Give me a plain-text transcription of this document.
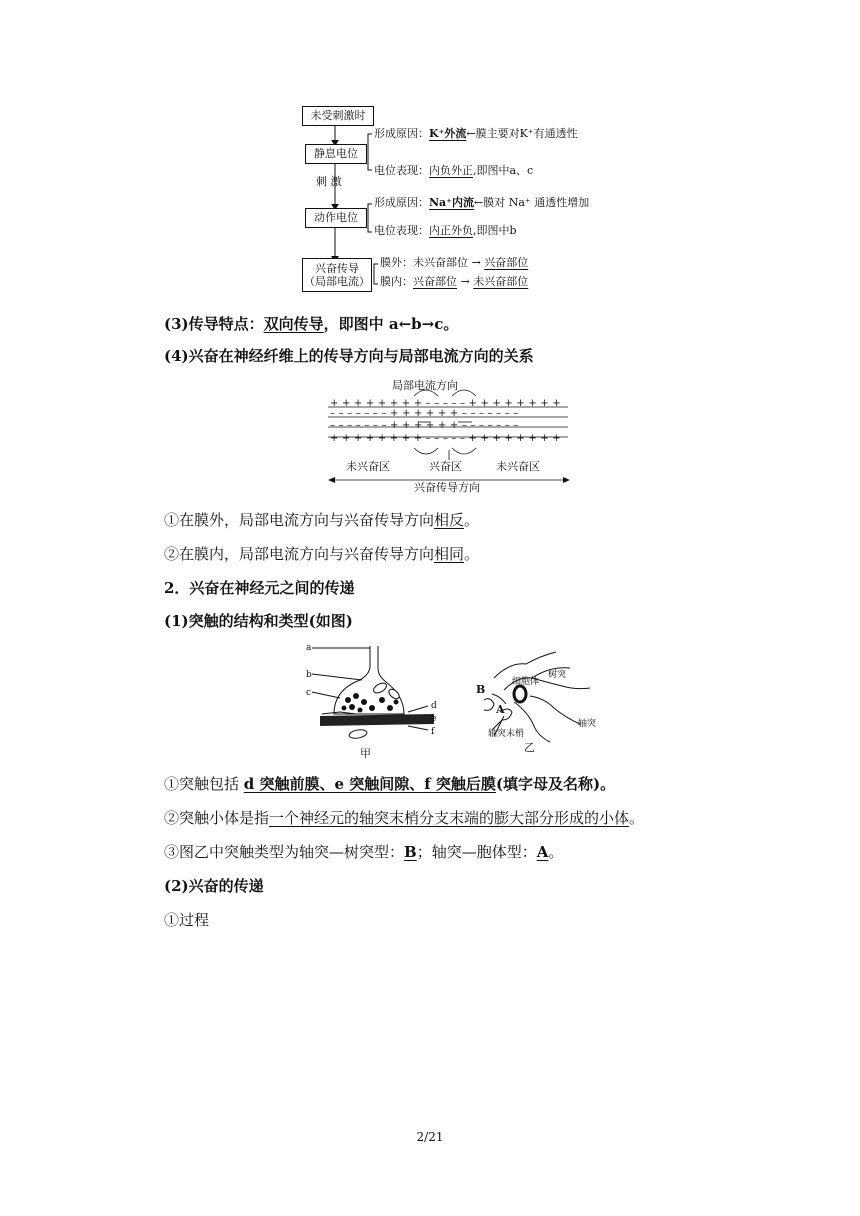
未受刺激时
静息电位
刺 激
动作电位
兴奋传导
（局部电流）
形成原因：K⁺外流←膜主要对K⁺有通透性
电位表现：内负外正,即图中a、c
形成原因：Na⁺内流←膜对 Na⁺ 通透性增加
电位表现：内正外负,即图中b
膜外：未兴奋部位 → 兴奋部位
膜内：兴奋部位 → 未兴奋部位
(3)传导特点：双向传导，即图中 a←b→c。
(4)兴奋在神经纤维上的传导方向与局部电流方向的关系
局部电流方向
+ + + + + + + + – – – – – + + + + + + + +
– – – – – – – + + + + + + – – – – – – –
– – – – – – – + + + + + + – – – – – – –
+ + + + + + + + – – – – – + + + + + + + +
未兴奋区	兴奋区	未兴奋区
兴奋传导方向
①在膜外，局部电流方向与兴奋传导方向相反。
②在膜内，局部电流方向与兴奋传导方向相同。
2．兴奋在神经元之间的传递
(1)突触的结构和类型(如图)
a
b
c
d
e
f
甲
细胞体
树突
轴突
轴突末梢
B
A
乙
①突触包括 d 突触前膜、e 突触间隙、f 突触后膜(填字母及名称)。
②突触小体是指一个神经元的轴突末梢分支末端的膨大部分形成的小体。
③图乙中突触类型为轴突—树突型：B；轴突—胞体型：A。
(2)兴奋的传递
①过程
2/21
